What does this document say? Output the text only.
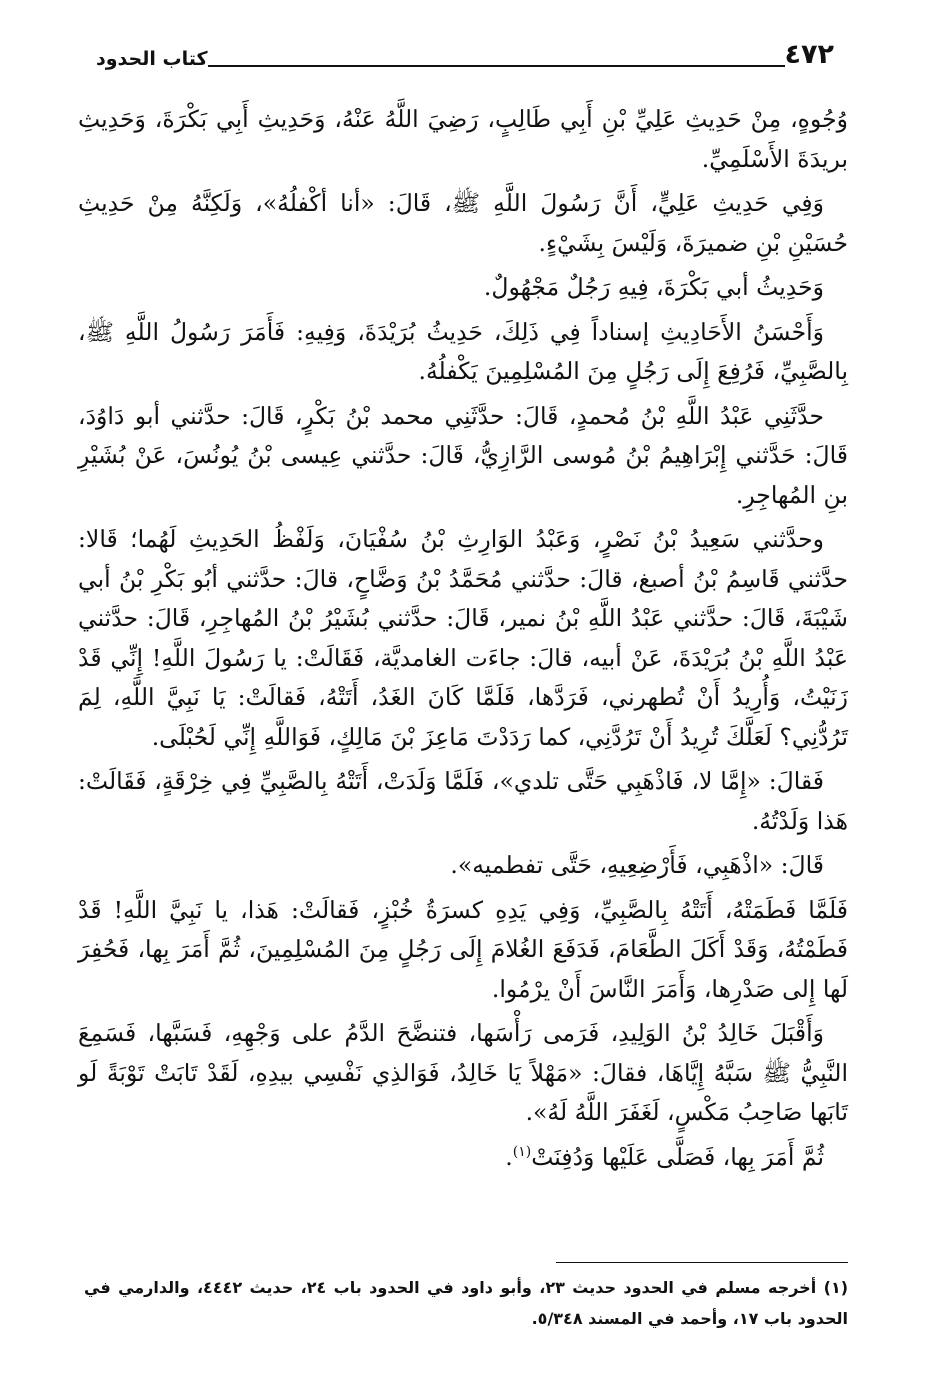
٤٧٢
كتاب الحدود

وُجُوهٍ، مِنْ حَدِيثِ عَلِيِّ بْنِ أَبِي طَالِبٍ، رَضِيَ اللَّهُ عَنْهُ، وَحَدِيثِ أَبِي بَكْرَةَ، وَحَدِيثِ بريدَةَ الأَسْلَمِيِّ.

وَفِي حَدِيثِ عَلِيٍّ، أَنَّ رَسُولَ اللَّهِ ﷺ، قَالَ: «أنا أكْفلُهُ»، وَلَكِنَّهُ مِنْ حَدِيثِ حُسَيْنِ بْنِ ضميرَةَ، وَلَيْسَ بِشَيْءٍ.

وَحَدِيثُ أبي بَكْرَةَ، فِيهِ رَجُلٌ مَجْهُولٌ.

وَأَحْسَنُ الأَحَادِيثِ إسناداً فِي ذَلِكَ، حَدِيثُ بُرَيْدَةَ، وَفِيهِ: فَأَمَرَ رَسُولُ اللَّهِ ﷺ، بِالصَّبِيِّ، فَرُفِعَ إِلَى رَجُلٍ مِنَ المُسْلِمِينَ يَكْفلُهُ.

حدَّثَنِي عَبْدُ اللَّهِ بْنُ مُحمدٍ، قَالَ: حدَّثَنِي محمد بْنُ بَكْرٍ، قَالَ: حدَّثني أبو دَاوُدَ، قَالَ: حَدَّثني إِبْرَاهِيمُ بْنُ مُوسى الرَّازِيُّ، قَالَ: حدَّثني عِيسى بْنُ يُونُسَ، عَنْ بُشَيْرِ بنِ المُهاجِرِ.

وحدَّثني سَعِيدُ بْنُ نَصْرٍ، وَعَبْدُ الوَارِثِ بْنُ سُفْيَانَ، وَلَفْظُ الحَدِيثِ لَهُما؛ قَالا: حدَّثني قَاسِمُ بْنُ أصبغ، قالَ: حدَّثني مُحَمَّدُ بْنُ وَضَّاحٍ، قالَ: حدَّثني أبُو بَكْرِ بْنُ أبي شَيْبَةَ، قَالَ: حدَّثني عَبْدُ اللَّهِ بْنُ نمير، قَالَ: حدَّثني بُشَيْرُ بْنُ المُهاجِرِ، قَالَ: حدَّثني عَبْدُ اللَّهِ بْنُ بُرَيْدَةَ، عَنْ أبيه، قالَ: جاءَت الغامديَّة، فَقَالَتْ: يا رَسُولَ اللَّهِ! إِنِّي قَدْ زَنَيْتُ، وَأُرِيدُ أَنْ تُطهرني، فَرَدَّها، فَلَمَّا كَانَ الغَدُ، أَتَتْهُ، فَقالَتْ: يَا نَبِيَّ اللَّهِ، لِمَ تَرُدُّنِي؟ لَعَلَّكَ تُرِيدُ أَنْ تَرُدَّنِي، كما رَدَدْتَ مَاعِزَ بْنَ مَالِكٍ، فَوَاللَّهِ إِنِّي لَحُبْلَى.

فَقالَ: «إِمَّا لا، فَاذْهَبِي حَتَّى تلدي»، فَلَمَّا وَلَدَتْ، أَتَتْهُ بِالصَّبِيِّ فِي خِرْقَةٍ، فَقَالَتْ: هَذا وَلَدْتُهُ.

قَالَ: «اذْهَبِي، فَأَرْضِعِيهِ، حَتَّى تفطميه».

فَلَمَّا فَطَمَتْهُ، أَتَتْهُ بِالصَّبِيِّ، وَفِي يَدِهِ كسرَةُ خُبْزٍ، فَقالَتْ: هَذا، يا نَبِيَّ اللَّهِ! قَدْ فَطَمْتُهُ، وَقَدْ أَكَلَ الطَّعَامَ، فَدَفَعَ الغُلامَ إِلَى رَجُلٍ مِنَ المُسْلِمِينَ، ثُمَّ أَمَرَ بِها، فَحُفِرَ لَها إِلى صَدْرِها، وَأَمَرَ النَّاسَ أَنْ يرْمُوا.

وَأَقْبَلَ خَالِدُ بْنُ الوَلِيدِ، فَرَمى رَأْسَها، فتنضَّحَ الدَّمُ على وَجْهِهِ، فَسَبَّها، فَسَمِعَ النَّبِيُّ ﷺ سَبَّهُ إِيَّاهَا، فقالَ: «مَهْلاً يَا خَالِدُ، فَوَالذِي نَفْسِي بيدِهِ، لَقَدْ تَابَتْ تَوْبَةً لَو تَابَها صَاحِبُ مَكْسٍ، لَغَفَرَ اللَّهُ لَهُ».

ثُمَّ أَمَرَ بِها، فَصَلَّى عَلَيْها وَدُفِنَتْ$^{(١)}$.

(١) أخرجه مسلم في الحدود حديث ٢٣، وأبو داود في الحدود باب ٢٤، حديث ٤٤٤٢، والدارمي في الحدود باب ١٧، وأحمد في المسند ٥/٣٤٨.
